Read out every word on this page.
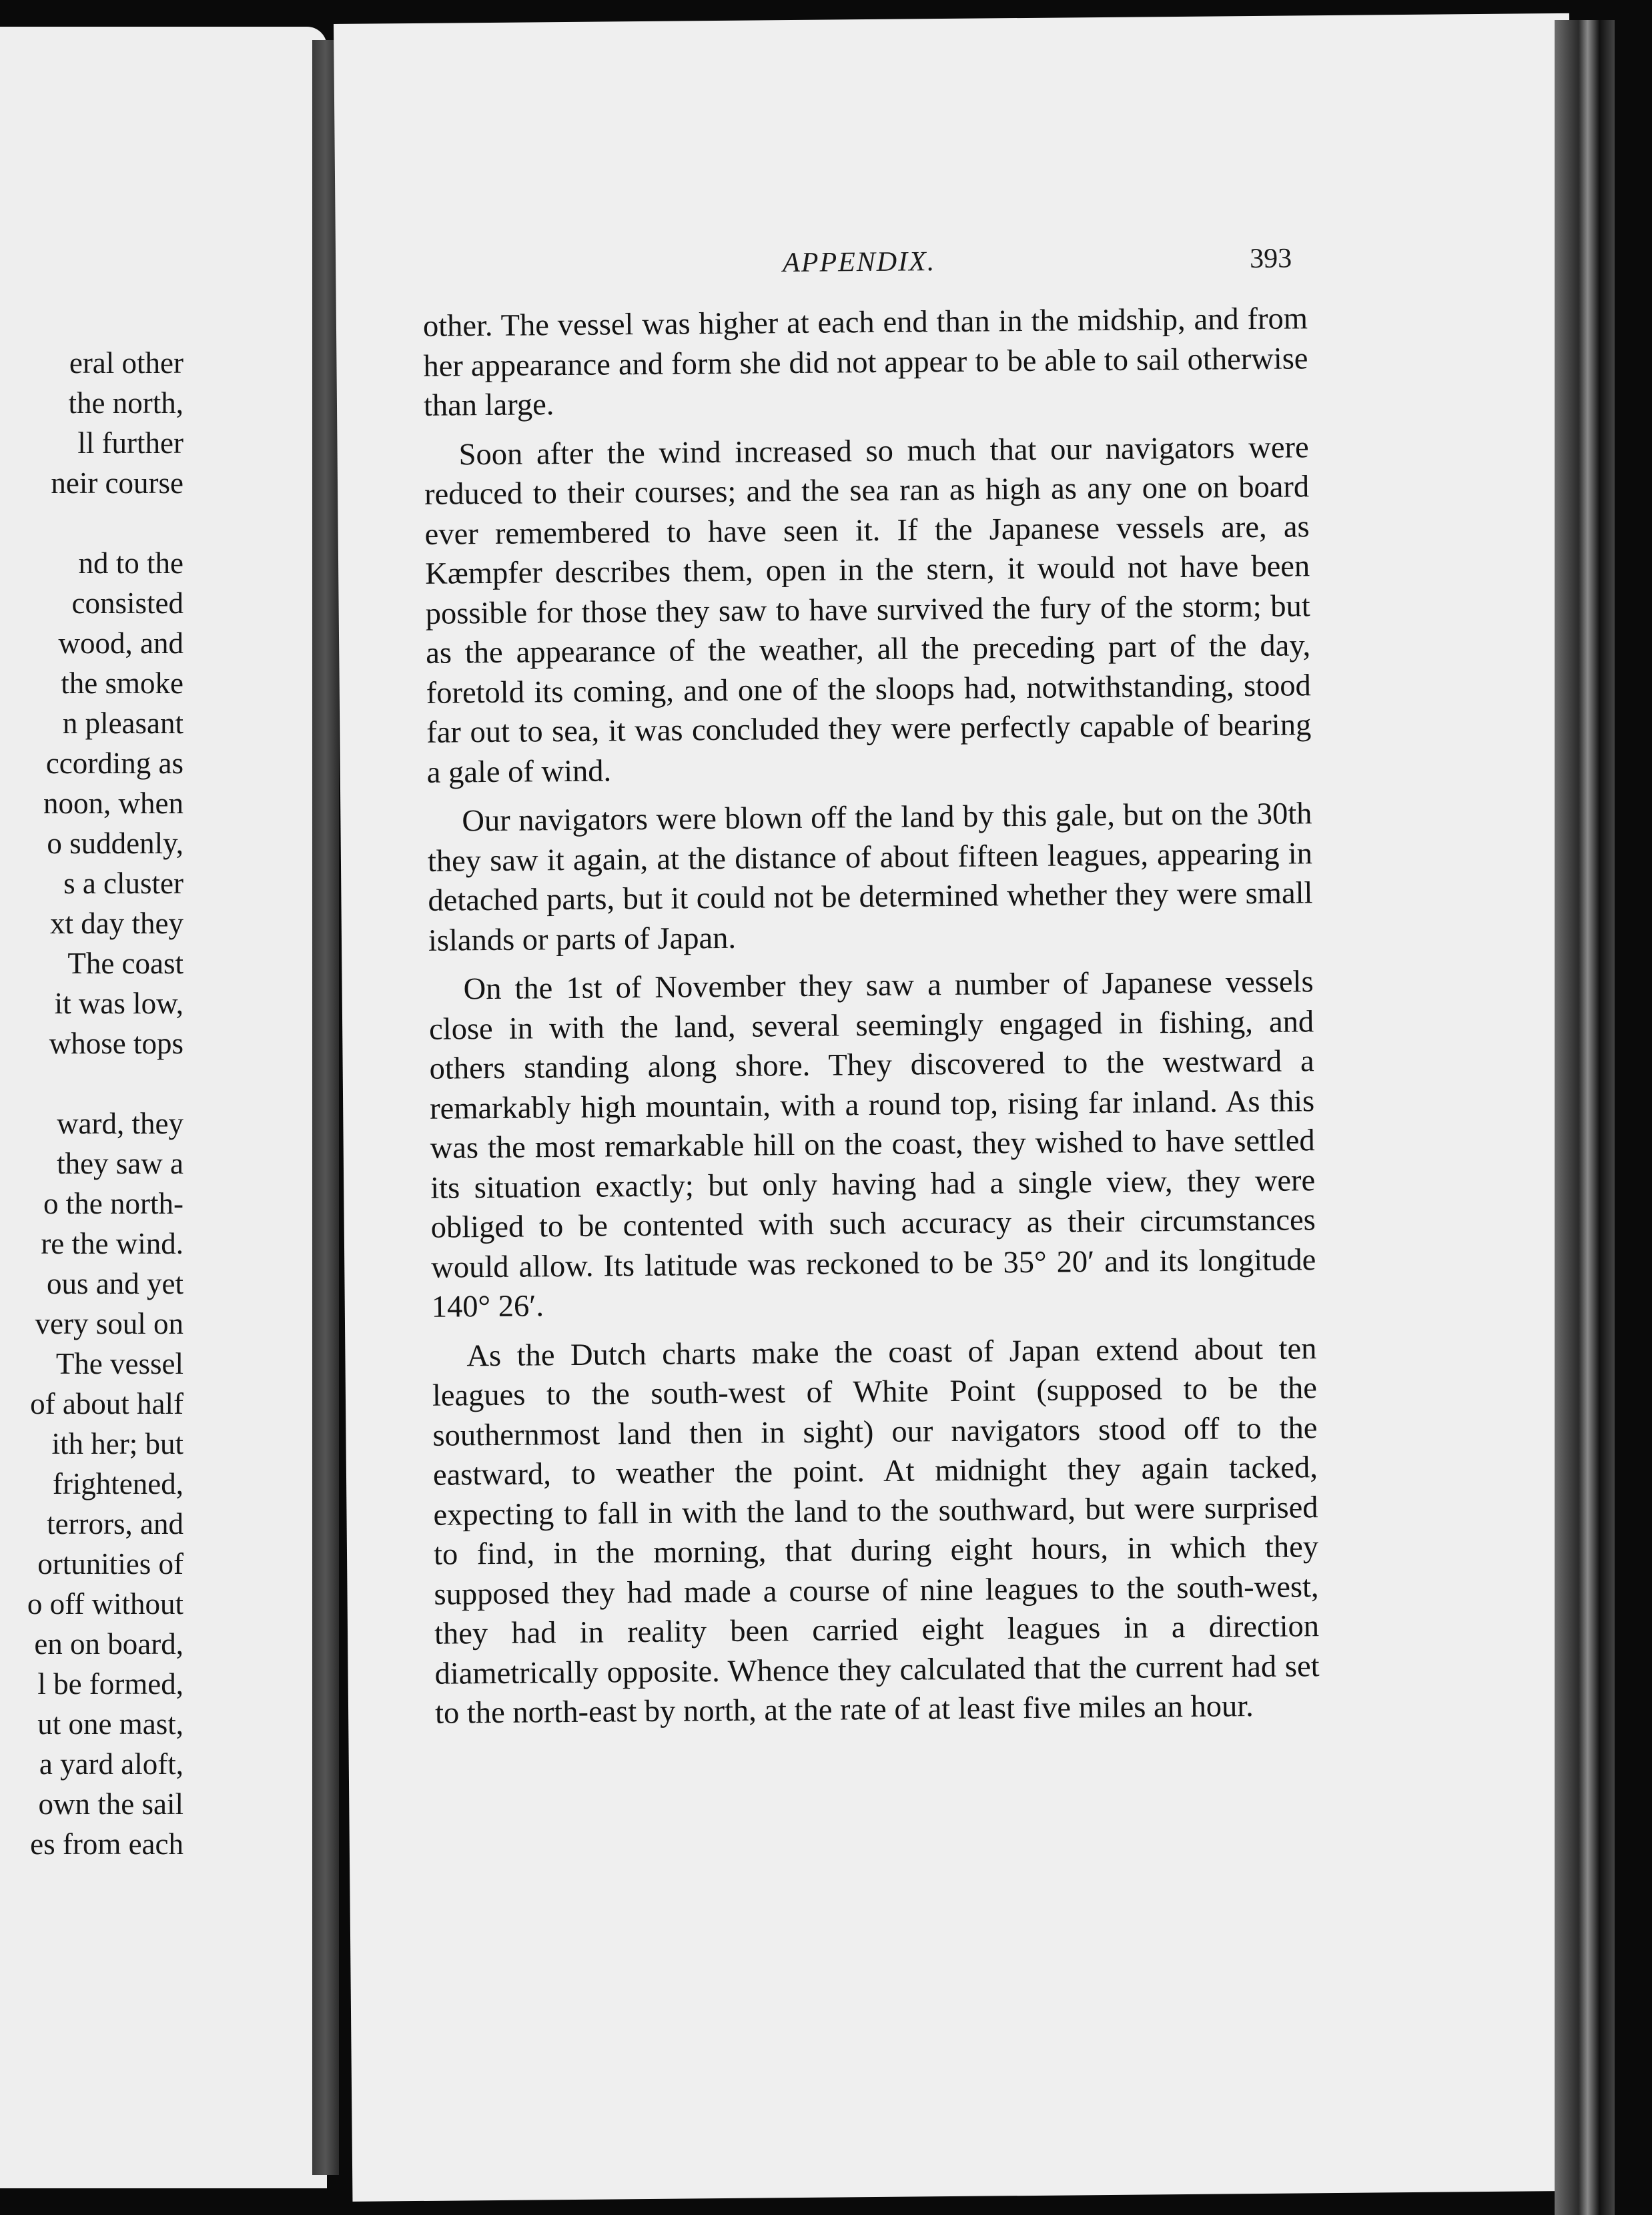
eral other
the north,
ll further
neir course
nd to the
consisted
wood, and
the smoke
n pleasant
ccording as
noon, when
o suddenly,
s a cluster
xt day they
The coast
it was low,
whose tops
ward, they
they saw a
o the north-
re the wind.
ous and yet
very soul on
The vessel
of about half
ith her; but
frightened,
terrors, and
ortunities of
o off without
en on board,
l be formed,
ut one mast,
a yard aloft,
own the sail
es from each
APPENDIX.	393

other. The vessel was higher at each end than in the midship, and from her appearance and form she did not appear to be able to sail otherwise than large.

Soon after the wind increased so much that our navigators were reduced to their courses; and the sea ran as high as any one on board ever remembered to have seen it. If the Japanese vessels are, as Kæmpfer describes them, open in the stern, it would not have been possible for those they saw to have survived the fury of the storm; but as the appearance of the weather, all the preceding part of the day, foretold its coming, and one of the sloops had, notwithstanding, stood far out to sea, it was concluded they were perfectly capable of bearing a gale of wind.

Our navigators were blown off the land by this gale, but on the 30th they saw it again, at the distance of about fifteen leagues, appearing in detached parts, but it could not be determined whether they were small islands or parts of Japan.

On the 1st of November they saw a number of Japanese vessels close in with the land, several seemingly engaged in fishing, and others standing along shore. They discovered to the westward a remarkably high mountain, with a round top, rising far inland. As this was the most remarkable hill on the coast, they wished to have settled its situation exactly; but only having had a single view, they were obliged to be contented with such accuracy as their circumstances would allow. Its latitude was reckoned to be 35° 20′ and its longitude 140° 26′.

As the Dutch charts make the coast of Japan extend about ten leagues to the south-west of White Point (supposed to be the southernmost land then in sight) our navigators stood off to the eastward, to weather the point. At midnight they again tacked, expecting to fall in with the land to the southward, but were surprised to find, in the morning, that during eight hours, in which they supposed they had made a course of nine leagues to the south-west, they had in reality been carried eight leagues in a direction diametrically opposite. Whence they calculated that the current had set to the north-east by north, at the rate of at least five miles an hour.
